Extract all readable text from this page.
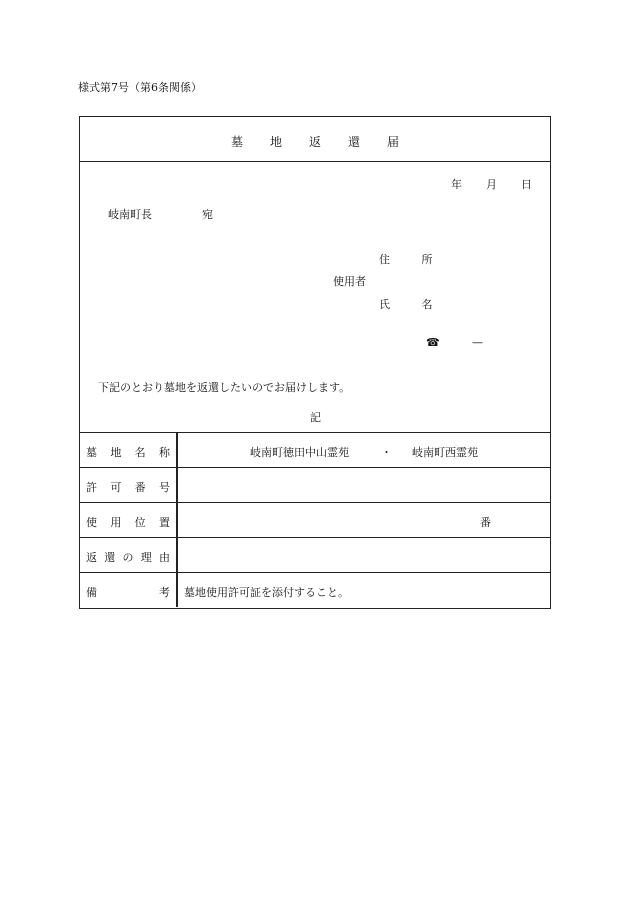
様式第7号（第6条関係）
墓地返還届
年 月 日
岐南町長	宛
住 所
使用者
氏 名
☎	—
下記のとおり墓地を返還したいのでお届けします。
記
墓 地 名 称	岐南町徳田中山霊苑	・ 岐南町西霊苑
許 可 番 号
使 用 位 置	番
返 還 の 理 由
備	考 墓地使用許可証を添付すること。
